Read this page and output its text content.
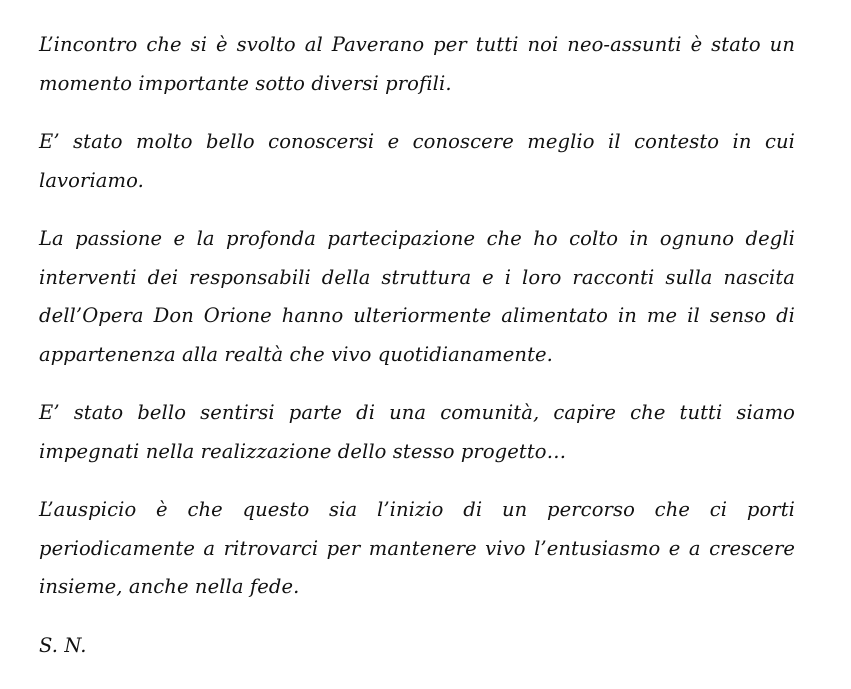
L’incontro che si è svolto al Paverano per tutti noi neo-assunti è stato un momento importante sotto diversi profili.

E’ stato molto bello conoscersi e conoscere meglio il contesto in cui lavoriamo.

La passione e la profonda partecipazione che ho colto in ognuno degli interventi dei responsabili della struttura e i loro racconti sulla nascita dell’Opera Don Orione hanno ulteriormente alimentato in me il senso di appartenenza alla realtà che vivo quotidianamente.

E’ stato bello sentirsi parte di una comunità, capire che tutti siamo impegnati nella realizzazione dello stesso progetto…

L’auspicio è che questo sia l’inizio di un percorso che ci porti periodicamente a ritrovarci per mantenere vivo l’entusiasmo e a crescere insieme, anche nella fede.

S. N.
